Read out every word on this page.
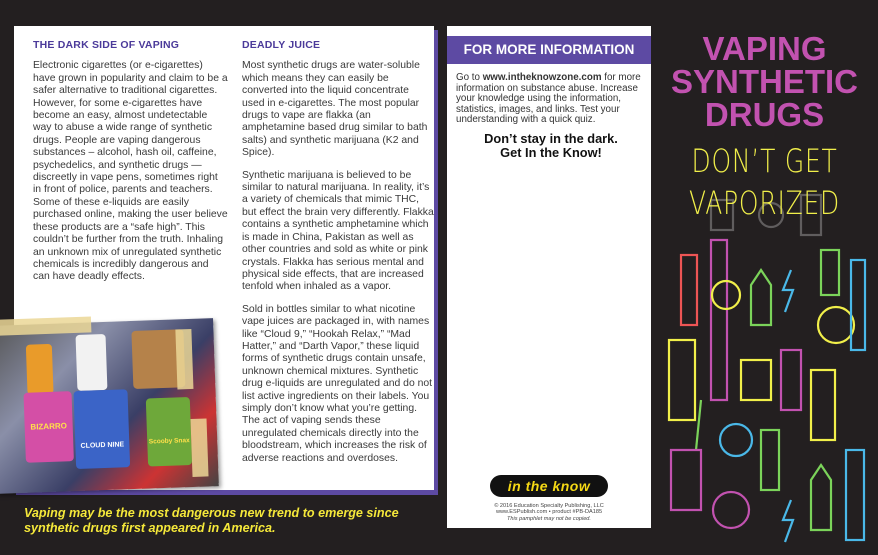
THE DARK SIDE OF VAPING

Electronic cigarettes (or e-cigarettes) have grown in popularity and claim to be a safer alternative to traditional cigarettes. However, for some e-cigarettes have become an easy, almost undetectable way to abuse a wide range of synthetic drugs. People are vaping dangerous substances – alcohol, hash oil, caffeine, psychedelics, and synthetic drugs — discreetly in vape pens, sometimes right in front of police, parents and teachers. Some of these e-liquids are easily purchased online, making the user believe these products are a “safe high”. This couldn’t be further from the truth. Inhaling an unknown mix of unregulated synthetic chemicals is incredibly dangerous and can have deadly effects.

DEADLY JUICE

Most synthetic drugs are water-soluble which means they can easily be converted into the liquid concentrate used in e-cigarettes. The most popular drugs to vape are flakka (an amphetamine based drug similar to bath salts) and synthetic marijuana (K2 and Spice).

Synthetic marijuana is believed to be similar to natural marijuana. In reality, it’s a variety of chemicals that mimic THC, but effect the brain very differently. Flakka contains a synthetic amphetamine which is made in China, Pakistan as well as other countries and sold as white or pink crystals. Flakka has serious mental and physical side effects, that are increased tenfold when inhaled as a vapor.

Sold in bottles similar to what nicotine vape juices are packaged in, with names like “Cloud 9,” “Hookah Relax,” “Mad Hatter,” and “Darth Vapor,” these liquid forms of synthetic drugs contain unsafe, unknown chemical mixtures. Synthetic drug e-liquids are unregulated and do not list active ingredients on their labels. You simply don’t know what you’re getting. The act of vaping sends these unregulated chemicals directly into the bloodstream, which increases the risk of adverse reactions and overdoses.

BIZARRO
CLOUD NINE
Scooby Snax
Vaping may be the most dangerous new trend to emerge since synthetic drugs first appeared in America.
FOR MORE INFORMATION
Go to www.intheknowzone.com for more information on substance abuse. Increase your knowledge using the information, statistics, images, and links. Test your understanding with a quick quiz.
Don’t stay in the dark.
Get In the Know!
in the know
© 2016 Education Specialty Publishing, LLC
www.ESPublish.com • product #PB-DA185
This pamphlet may not be copied.
VAPING
SYNTHETIC
DRUGS
DON’T GET
VAPORIZED
